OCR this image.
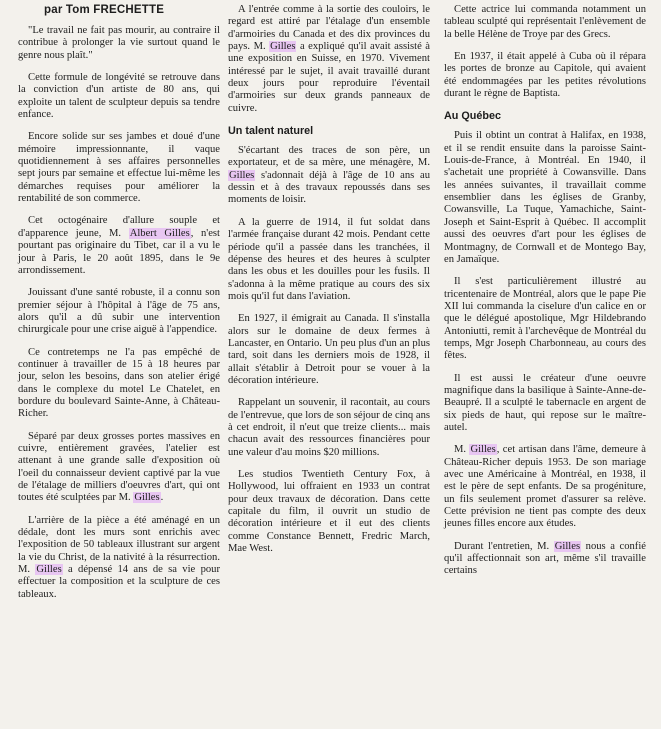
par Tom FRECHETTE

"Le travail ne fait pas mourir, au contraire il contribue à prolonger la vie surtout quand le genre nous plaît."

Cette formule de longévité se retrouve dans la conviction d'un artiste de 80 ans, qui exploite un talent de sculpteur depuis sa tendre enfance.

Encore solide sur ses jambes et doué d'une mémoire impressionnante, il vaque quotidiennement à ses affaires personnelles sept jours par semaine et effectue lui-même les démarches requises pour améliorer la rentabilité de son commerce.

Cet octogénaire d'allure souple et d'apparence jeune, M. Albert Gilles, n'est pourtant pas originaire du Tibet, car il a vu le jour à Paris, le 20 août 1895, dans le 9e arrondissement.

Jouissant d'une santé robuste, il a connu son premier séjour à l'hôpital à l'âge de 75 ans, alors qu'il a dû subir une intervention chirurgicale pour une crise aiguë à l'appendice.

Ce contretemps ne l'a pas empêché de continuer à travailler de 15 à 18 heures par jour, selon les besoins, dans son atelier érigé dans le complexe du motel Le Chatelet, en bordure du boulevard Sainte-Anne, à Château-Richer.

Séparé par deux grosses portes massives en cuivre, entièrement gravées, l'atelier est attenant à une grande salle d'exposition où l'oeil du connaisseur devient captivé par la vue de l'étalage de milliers d'oeuvres d'art, qui ont toutes été sculptées par M. Gilles.

L'arrière de la pièce a été aménagé en un dédale, dont les murs sont enrichis avec l'exposition de 50 tableaux illustrant sur argent la vie du Christ, de la nativité à la résurrection. M. Gilles a dépensé 14 ans de sa vie pour effectuer la composition et la sculpture de ces tableaux.

A l'entrée comme à la sortie des couloirs, le regard est attiré par l'étalage d'un ensemble d'armoiries du Canada et des dix provinces du pays. M. Gilles a expliqué qu'il avait assisté à une exposition en Suisse, en 1970. Vivement intéressé par le sujet, il avait travaillé durant deux jours pour reproduire l'éventail d'armoiries sur deux grands panneaux de cuivre.

Un talent naturel

S'écartant des traces de son père, un exportateur, et de sa mère, une ménagère, M. Gilles s'adonnait déjà à l'âge de 10 ans au dessin et à des travaux repoussés dans ses moments de loisir.

A la guerre de 1914, il fut soldat dans l'armée française durant 42 mois. Pendant cette période qu'il a passée dans les tranchées, il dépense des heures et des heures à sculpter dans les obus et les douilles pour les fusils. Il s'adonna à la même pratique au cours des six mois qu'il fut dans l'aviation.

En 1927, il émigrait au Canada. Il s'installa alors sur le domaine de deux fermes à Lancaster, en Ontario. Un peu plus d'un an plus tard, soit dans les derniers mois de 1928, il allait s'établir à Detroit pour se vouer à la décoration intérieure.

Rappelant un souvenir, il racontait, au cours de l'entrevue, que lors de son séjour de cinq ans à cet endroit, il n'eut que treize clients... mais chacun avait des ressources financières pour une valeur d'au moins $20 millions.

Les studios Twentieth Century Fox, à Hollywood, lui offraient en 1933 un contrat pour deux travaux de décoration. Dans cette capitale du film, il ouvrit un studio de décoration intérieure et il eut des clients comme Constance Bennett, Fredric March, Mae West.

Cette actrice lui commanda notamment un tableau sculpté qui représentait l'enlèvement de la belle Hélène de Troye par des Grecs.

En 1937, il était appelé à Cuba où il répara les portes de bronze au Capitole, qui avaient été endommagées par les petites révolutions durant le règne de Baptista.

Au Québec

Puis il obtint un contrat à Halifax, en 1938, et il se rendit ensuite dans la paroisse Saint-Louis-de-France, à Montréal. En 1940, il s'achetait une propriété à Cowansville. Dans les années suivantes, il travaillait comme ensemblier dans les églises de Granby, Cowansville, La Tuque, Yamachiche, Saint-Joseph et Saint-Esprit à Québec. Il accomplit aussi des oeuvres d'art pour les églises de Montmagny, de Cornwall et de Montego Bay, en Jamaïque.

Il s'est particulièrement illustré au tricentenaire de Montréal, alors que le pape Pie XII lui commanda la ciselure d'un calice en or que le délégué apostolique, Mgr Hildebrando Antoniutti, remit à l'archevêque de Montréal du temps, Mgr Joseph Charbonneau, au cours des fêtes.

Il est aussi le créateur d'une oeuvre magnifique dans la basilique à Sainte-Anne-de-Beaupré. Il a sculpté le tabernacle en argent de six pieds de haut, qui repose sur le maître-autel.

M. Gilles, cet artisan dans l'âme, demeure à Château-Richer depuis 1953. De son mariage avec une Américaine à Montréal, en 1938, il est le père de sept enfants. De sa progéniture, un fils seulement promet d'assurer sa relève. Cette prévision ne tient pas compte des deux jeunes filles encore aux études.

Durant l'entretien, M. Gilles nous a confié qu'il affectionnait son art, même s'il travaille certains
